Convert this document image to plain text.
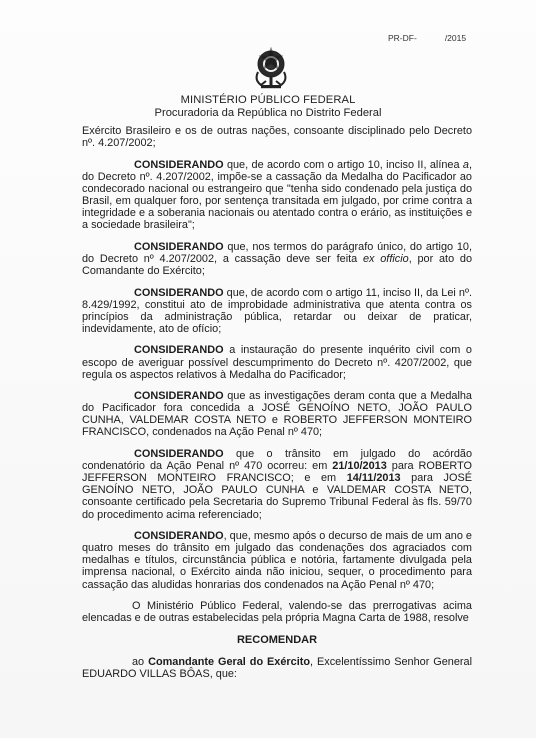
PR-DF-	/2015
MINISTÉRIO PÚBLICO FEDERAL
Procuradoria da República no Distrito Federal

Exército Brasileiro e os de outras nações, consoante disciplinado pelo Decreto nº. 4.207/2002;

CONSIDERANDO que, de acordo com o artigo 10, inciso II, alínea a, do Decreto nº. 4.207/2002, impõe-se a cassação da Medalha do Pacificador ao condecorado nacional ou estrangeiro que "tenha sido condenado pela justiça do Brasil, em qualquer foro, por sentença transitada em julgado, por crime contra a integridade e a soberania nacionais ou atentado contra o erário, as instituições e a sociedade brasileira";

CONSIDERANDO que, nos termos do parágrafo único, do artigo 10, do Decreto nº 4.207/2002, a cassação deve ser feita ex officio, por ato do Comandante do Exército;

CONSIDERANDO que, de acordo com o artigo 11, inciso II, da Lei nº. 8.429/1992, constitui ato de improbidade administrativa que atenta contra os princípios da administração pública, retardar ou deixar de praticar, indevidamente, ato de ofício;

CONSIDERANDO a instauração do presente inquérito civil com o escopo de averiguar possível descumprimento do Decreto nº. 4207/2002, que regula os aspectos relativos à Medalha do Pacificador;

CONSIDERANDO que as investigações deram conta que a Medalha do Pacificador fora concedida a JOSÉ GENOÍNO NETO, JOÃO PAULO CUNHA, VALDEMAR COSTA NETO e ROBERTO JEFFERSON MONTEIRO FRANCISCO, condenados na Ação Penal nº 470;

CONSIDERANDO que o trânsito em julgado do acórdão condenatório da Ação Penal nº 470 ocorreu: em 21/10/2013 para ROBERTO JEFFERSON MONTEIRO FRANCISCO; e em 14/11/2013 para JOSÉ GENOÍNO NETO, JOÃO PAULO CUNHA e VALDEMAR COSTA NETO, consoante certificado pela Secretaria do Supremo Tribunal Federal às fls. 59/70 do procedimento acima referenciado;

CONSIDERANDO, que, mesmo após o decurso de mais de um ano e quatro meses do trânsito em julgado das condenações dos agraciados com medalhas e títulos, circunstância pública e notória, fartamente divulgada pela imprensa nacional, o Exército ainda não iniciou, sequer, o procedimento para cassação das aludidas honrarias dos condenados na Ação Penal nº 470;

O Ministério Público Federal, valendo-se das prerrogativas acima elencadas e de outras estabelecidas pela própria Magna Carta de 1988, resolve

RECOMENDAR

ao Comandante Geral do Exército, Excelentíssimo Senhor General EDUARDO VILLAS BÔAS, que:
